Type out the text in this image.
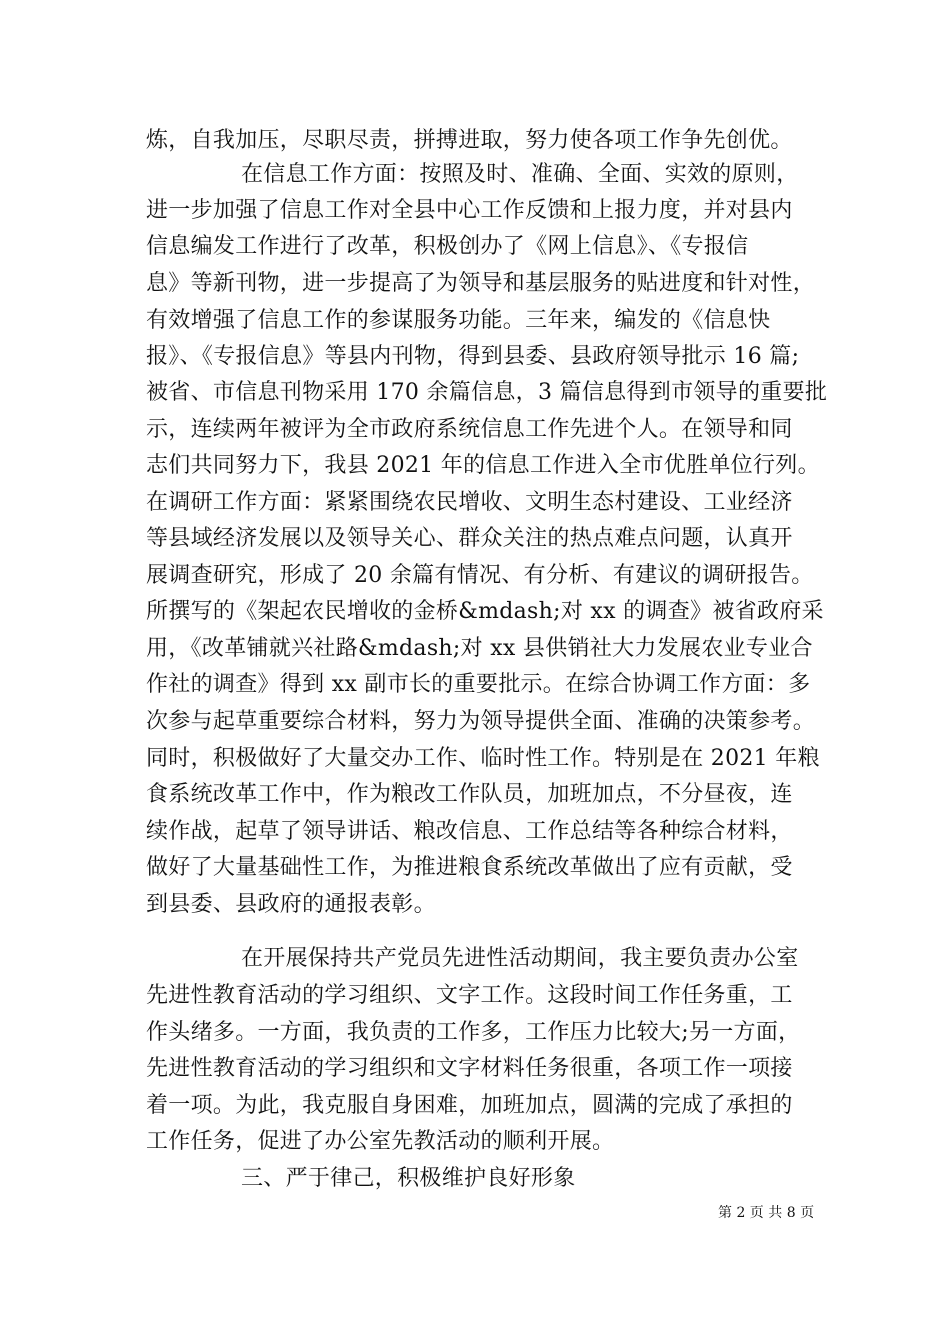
炼，自我加压，尽职尽责，拼搏进取，努力使各项工作争先创优。
在信息工作方面：按照及时、准确、全面、实效的原则，
进一步加强了信息工作对全县中心工作反馈和上报力度，并对县内
信息编发工作进行了改革，积极创办了《网上信息》、《专报信
息》等新刊物，进一步提高了为领导和基层服务的贴进度和针对性，
有效增强了信息工作的参谋服务功能。三年来，编发的《信息快
报》、《专报信息》等县内刊物，得到县委、县政府领导批示 16 篇;
被省、市信息刊物采用 170 余篇信息，3 篇信息得到市领导的重要批
示，连续两年被评为全市政府系统信息工作先进个人。在领导和同
志们共同努力下，我县 2021 年的信息工作进入全市优胜单位行列。
在调研工作方面：紧紧围绕农民增收、文明生态村建设、工业经济
等县域经济发展以及领导关心、群众关注的热点难点问题，认真开
展调查研究，形成了 20 余篇有情况、有分析、有建议的调研报告。
所撰写的《架起农民增收的金桥&mdash;对 xx 的调查》被省政府采
用，《改革铺就兴社路&mdash;对 xx 县供销社大力发展农业专业合
作社的调查》得到 xx 副市长的重要批示。在综合协调工作方面：多
次参与起草重要综合材料，努力为领导提供全面、准确的决策参考。
同时，积极做好了大量交办工作、临时性工作。特别是在 2021 年粮
食系统改革工作中，作为粮改工作队员，加班加点，不分昼夜，连
续作战，起草了领导讲话、粮改信息、工作总结等各种综合材料，
做好了大量基础性工作，为推进粮食系统改革做出了应有贡献，受
到县委、县政府的通报表彰。
在开展保持共产党员先进性活动期间，我主要负责办公室
先进性教育活动的学习组织、文字工作。这段时间工作任务重，工
作头绪多。一方面，我负责的工作多，工作压力比较大;另一方面，
先进性教育活动的学习组织和文字材料任务很重，各项工作一项接
着一项。为此，我克服自身困难，加班加点，圆满的完成了承担的
工作任务，促进了办公室先教活动的顺利开展。
三、严于律己，积极维护良好形象
第 2 页 共 8 页
